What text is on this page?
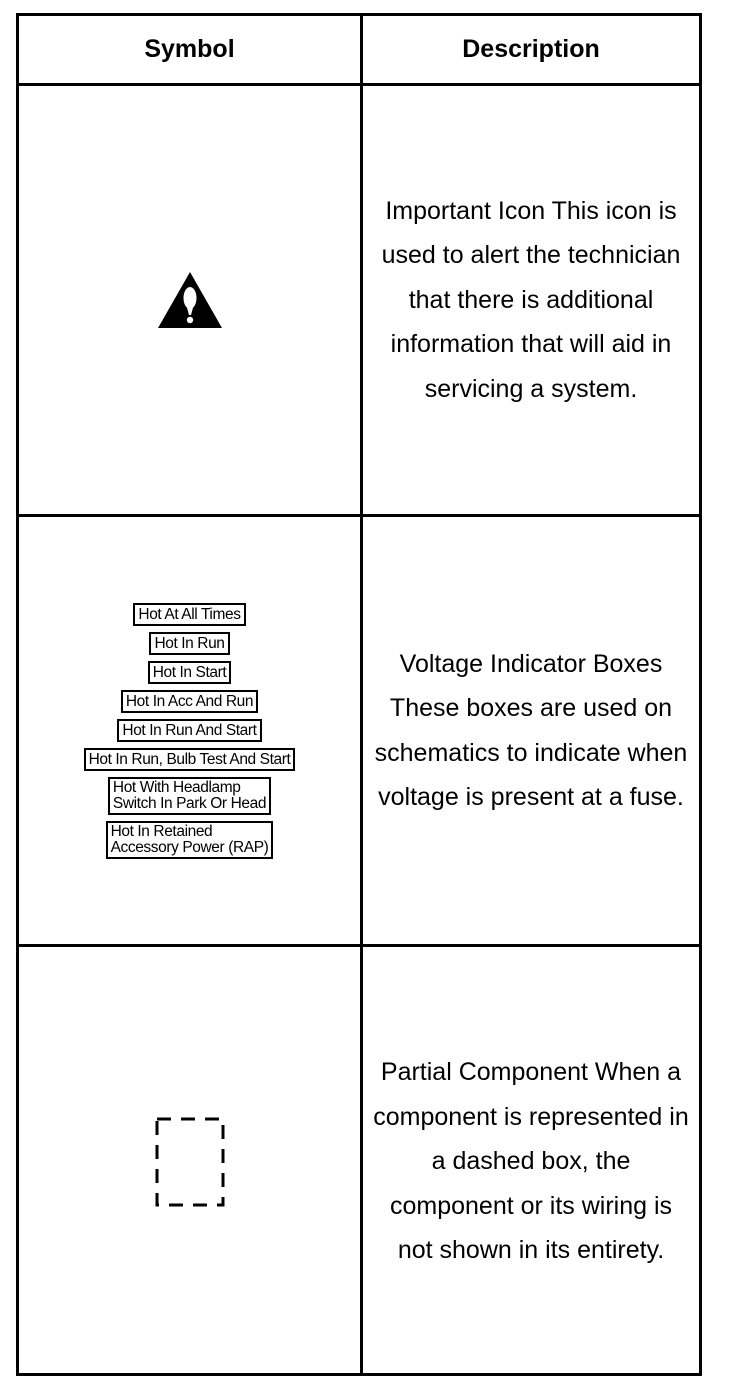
Symbol	Description
Important Icon This icon is used to alert the technician that there is additional information that will aid in servicing a system.
Hot At All Times
Hot In Run
Hot In Start
Hot In Acc And Run
Hot In Run And Start
Hot In Run, Bulb Test And Start
Hot With Headlamp
Switch In Park Or Head
Hot In Retained
Accessory Power (RAP)
Voltage Indicator Boxes These boxes are used on schematics to indicate when voltage is present at a fuse.
Partial Component When a component is represented in a dashed box, the component or its wiring is not shown in its entirety.
